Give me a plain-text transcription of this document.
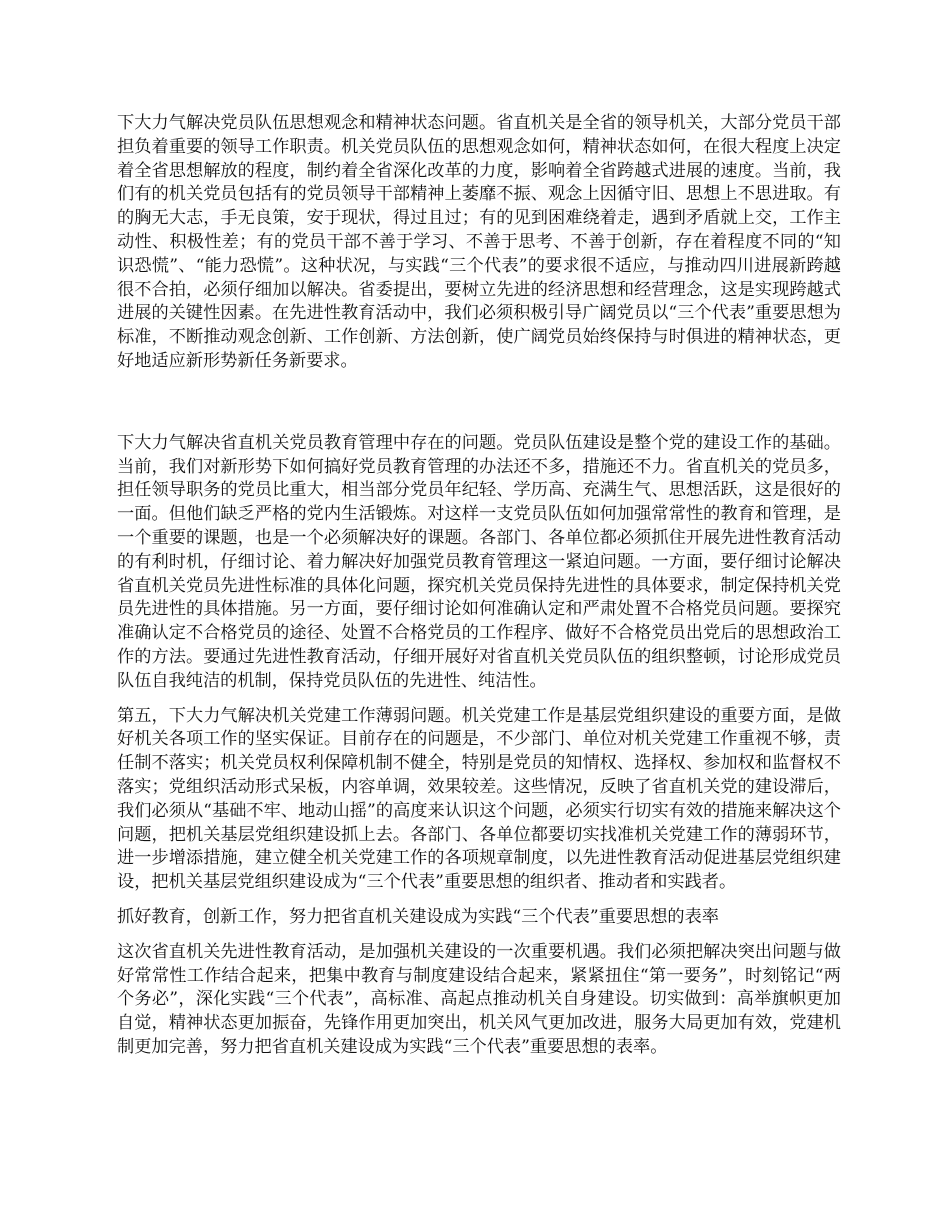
下大力气解决党员队伍思想观念和精神状态问题。省直机关是全省的领导机关，大部分党员干部担负着重要的领导工作职责。机关党员队伍的思想观念如何，精神状态如何，在很大程度上决定着全省思想解放的程度，制约着全省深化改革的力度，影响着全省跨越式进展的速度。当前，我们有的机关党员包括有的党员领导干部精神上萎靡不振、观念上因循守旧、思想上不思进取。有的胸无大志，手无良策，安于现状，得过且过；有的见到困难绕着走，遇到矛盾就上交，工作主动性、积极性差；有的党员干部不善于学习、不善于思考、不善于创新，存在着程度不同的“知识恐慌”、“能力恐慌”。这种状况，与实践“三个代表”的要求很不适应，与推动四川进展新跨越很不合拍，必须仔细加以解决。省委提出，要树立先进的经济思想和经营理念，这是实现跨越式进展的关键性因素。在先进性教育活动中，我们必须积极引导广阔党员以“三个代表”重要思想为标准，不断推动观念创新、工作创新、方法创新，使广阔党员始终保持与时俱进的精神状态，更好地适应新形势新任务新要求。

下大力气解决省直机关党员教育管理中存在的问题。党员队伍建设是整个党的建设工作的基础。当前，我们对新形势下如何搞好党员教育管理的办法还不多，措施还不力。省直机关的党员多，担任领导职务的党员比重大，相当部分党员年纪轻、学历高、充满生气、思想活跃，这是很好的一面。但他们缺乏严格的党内生活锻炼。对这样一支党员队伍如何加强常常性的教育和管理，是一个重要的课题，也是一个必须解决好的课题。各部门、各单位都必须抓住开展先进性教育活动的有利时机，仔细讨论、着力解决好加强党员教育管理这一紧迫问题。一方面，要仔细讨论解决省直机关党员先进性标准的具体化问题，探究机关党员保持先进性的具体要求，制定保持机关党员先进性的具体措施。另一方面，要仔细讨论如何准确认定和严肃处置不合格党员问题。要探究准确认定不合格党员的途径、处置不合格党员的工作程序、做好不合格党员出党后的思想政治工作的方法。要通过先进性教育活动，仔细开展好对省直机关党员队伍的组织整顿，讨论形成党员队伍自我纯洁的机制，保持党员队伍的先进性、纯洁性。

第五，下大力气解决机关党建工作薄弱问题。机关党建工作是基层党组织建设的重要方面，是做好机关各项工作的坚实保证。目前存在的问题是，不少部门、单位对机关党建工作重视不够，责任制不落实；机关党员权利保障机制不健全，特别是党员的知情权、选择权、参加权和监督权不落实；党组织活动形式呆板，内容单调，效果较差。这些情况，反映了省直机关党的建设滞后，我们必须从“基础不牢、地动山摇”的高度来认识这个问题，必须实行切实有效的措施来解决这个问题，把机关基层党组织建设抓上去。各部门、各单位都要切实找准机关党建工作的薄弱环节，进一步增添措施，建立健全机关党建工作的各项规章制度，以先进性教育活动促进基层党组织建设，把机关基层党组织建设成为“三个代表”重要思想的组织者、推动者和实践者。

抓好教育，创新工作，努力把省直机关建设成为实践“三个代表”重要思想的表率

这次省直机关先进性教育活动，是加强机关建设的一次重要机遇。我们必须把解决突出问题与做好常常性工作结合起来，把集中教育与制度建设结合起来，紧紧扭住“第一要务”，时刻铭记“两个务必”，深化实践“三个代表”，高标准、高起点推动机关自身建设。切实做到：高举旗帜更加自觉，精神状态更加振奋，先锋作用更加突出，机关风气更加改进，服务大局更加有效，党建机制更加完善，努力把省直机关建设成为实践“三个代表”重要思想的表率。
